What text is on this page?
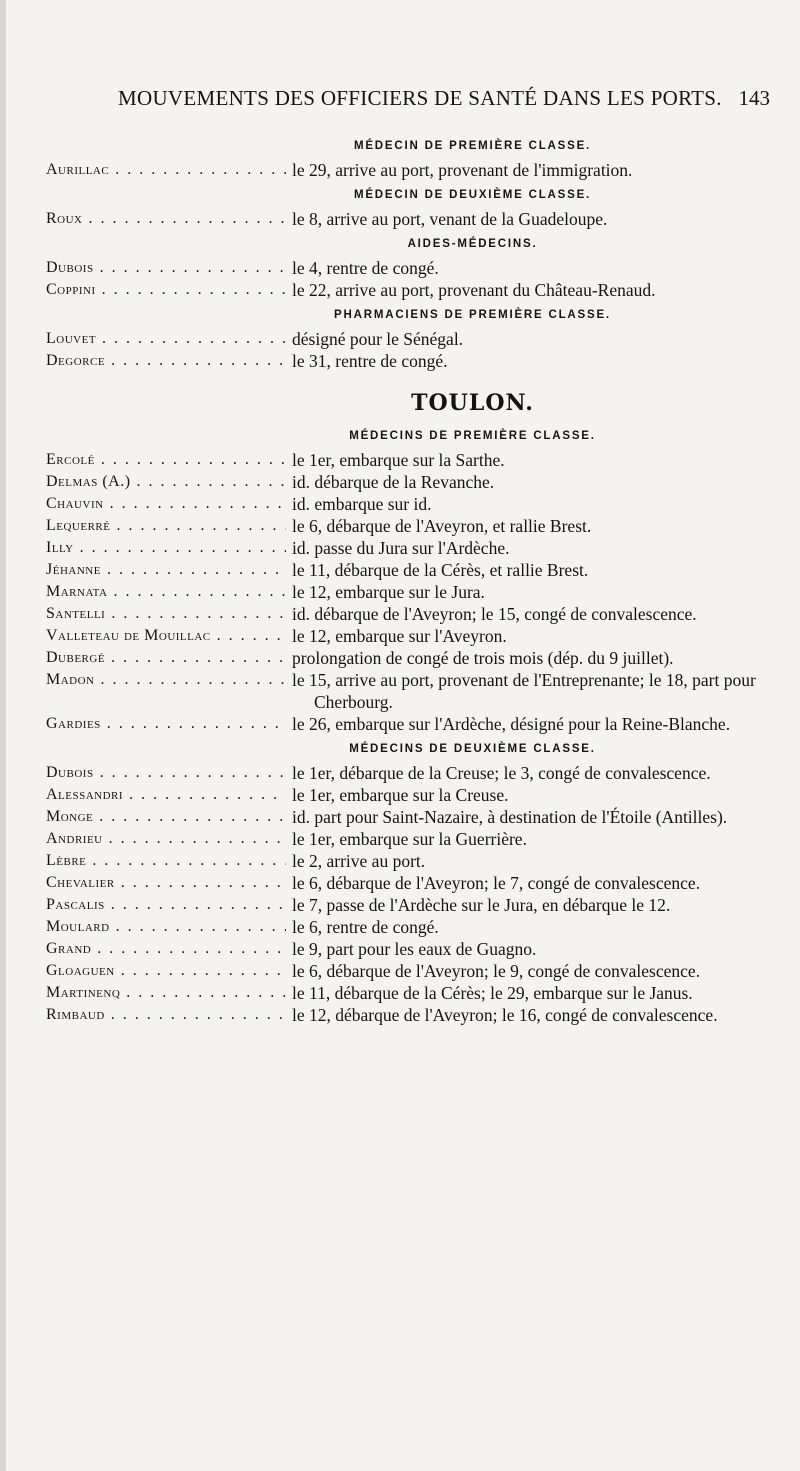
MOUVEMENTS DES OFFICIERS DE SANTÉ DANS LES PORTS. 143
MÉDECIN DE PREMIÈRE CLASSE.
Aurillac . . .	le 29, arrive au port, provenant de l'immigration.
MÉDECIN DE DEUXIÈME CLASSE.
Roux . . .	le 8, arrive au port, venant de la Guadeloupe.
AIDES-MÉDECINS.
Dubois . . .	le 4, rentre de congé.
Coppini . . .	le 22, arrive au port, provenant du Château-Renaud.
PHARMACIENS DE PREMIÈRE CLASSE.
Louvet . . .	désigné pour le Sénégal.
Degorce . . .	le 31, rentre de congé.
TOULON.
MÉDECINS DE PREMIÈRE CLASSE.
Ercolé . . .	le 1er, embarque sur la Sarthe.
Delmas (A.) . . .	id. débarque de la Revanche.
Chauvin . . .	id. embarque sur id.
Lequerré . . .	le 6, débarque de l'Aveyron, et rallie Brest.
Illy . . .	id. passe du Jura sur l'Ardèche.
Jéhanne . . .	le 11, débarque de la Cérès, et rallie Brest.
Marnata . . .	le 12, embarque sur le Jura.
Santelli . . .	id. débarque de l'Aveyron; le 15, congé de convalescence.
Valleteau de Mouillac . . .	le 12, embarque sur l'Aveyron.
Dubergé . . .	prolongation de congé de trois mois (dép. du 9 juillet).
Madon . . .	le 15, arrive au port, provenant de l'Entreprenante; le 18, part pour Cherbourg.
Gardies . . .	le 26, embarque sur l'Ardèche, désigné pour la Reine-Blanche.
MÉDECINS DE DEUXIÈME CLASSE.
Dubois . . .	le 1er, débarque de la Creuse; le 3, congé de convalescence.
Alessandri . . .	le 1er, embarque sur la Creuse.
Monge . . .	id. part pour Saint-Nazaire, à destination de l'Étoile (Antilles).
Andrieu . . .	le 1er, embarque sur la Guerrière.
Lèbre . . .	le 2, arrive au port.
Chevalier . . .	le 6, débarque de l'Aveyron; le 7, congé de convalescence.
Pascalis . . .	le 7, passe de l'Ardèche sur le Jura, en débarque le 12.
Moulard . . .	le 6, rentre de congé.
Grand . . .	le 9, part pour les eaux de Guagno.
Gloaguen . . .	le 6, débarque de l'Aveyron; le 9, congé de convalescence.
Martinenq . . .	le 11, débarque de la Cérès; le 29, embarque sur le Janus.
Rimbaud . . .	le 12, débarque de l'Aveyron; le 16, congé de convalescence.
